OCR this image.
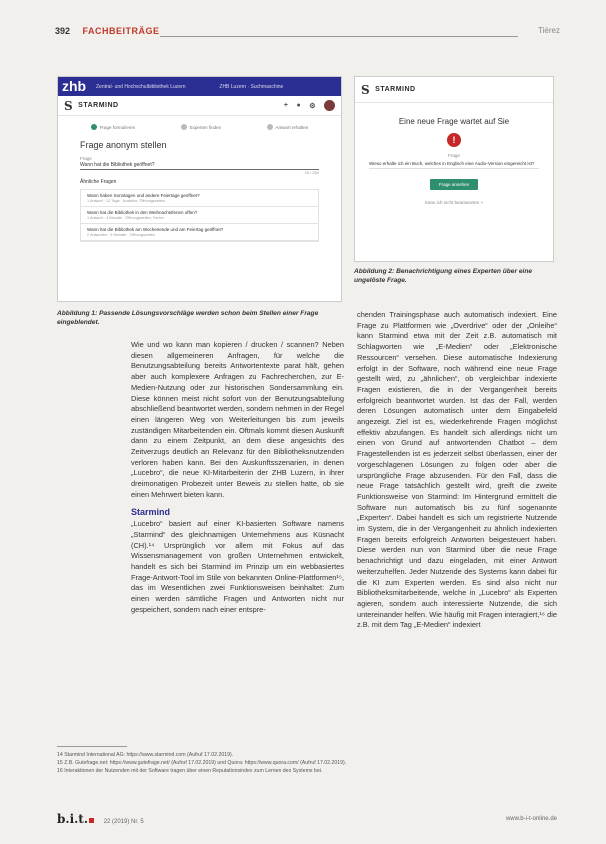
392 FACHBEITRÄGE	Tiérez
zhb Zentral- und Hochschulbibliothek Luzern	ZHB Luzern · Suchmaschine
S STARMIND	+ ● ⚙
Frage formulieren	Experten finden	Antwort erhalten
Frage anonym stellen
Frage
Wann hat die Bibliothek geöffnet?
33 / 280
Ähnliche Fragen
Wann haben Sonntagen und andere Feiertage geöffnet?
1 Antwort · 12 Tage · Ausleihe, Öffnungszeiten
Wann hat die Bibliothek in den Weihnachtsferien offen?
1 Antwort · 4 Monate · Öffnungszeiten, Ferien
Wann hat die Bibliothek am Wochenende und am Feiertag geöffnet?
2 Antworten · 8 Monate · Öffnungszeiten
Abbildung 1: Passende Lösungsvorschläge werden schon beim Stellen einer Frage eingeblendet.
S STARMIND
Eine neue Frage wartet auf Sie
!
Frage
Wieso erhalte ich ein Buch, welches in Englisch eine Audio-Version eingereicht ist?
Frage ansehen
Kann ich nicht beantworten »
Abbildung 2: Benachrichtigung eines Experten über eine ungelöste Frage.

Wie und wo kann man kopieren / drucken / scannen? Neben diesen allgemeineren Anfragen, für welche die Benutzungsabteilung bereits Antwortentexte parat hält, gehen aber auch komplexere Anfragen zu Fachrecherchen, zur E-Medien-Nutzung oder zur historischen Sondersammlung ein. Diese können meist nicht sofort von der Benutzungsabteilung abschließend beantwortet werden, sondern nehmen in der Regel einen längeren Weg von Weiterleitungen bis zum jeweils zuständigen Mitarbeitenden ein. Oftmals kommt diesen Auskunft dann zu einem Zeitpunkt, an dem diese angesichts des Zeitverzugs deutlich an Relevanz für den Bibliotheksnutzenden verloren haben kann. Bei den Auskunftsszenarien, in denen „Lucebro“, die neue KI-Mitarbeiterin der ZHB Luzern, in ihrer dreimonatigen Probezeit unter Beweis zu stellen hatte, ob sie einen Mehrwert bieten kann.

Starmind

„Lucebro“ basiert auf einer KI-basierten Software namens „Starmind“ des gleichnamigen Unternehmens aus Küsnacht (CH).¹⁴ Ursprünglich vor allem mit Fokus auf das Wissensmanagement von großen Unternehmen entwickelt, handelt es sich bei Starmind im Prinzip um ein webbasiertes Frage-Antwort-Tool im Stile von bekannten Online-Plattformen¹⁵, das im Wesentlichen zwei Funktionsweisen beinhaltet: Zum einen werden sämtliche Fragen und Antworten nicht nur gespeichert, sondern nach einer entspre-

chenden Trainingsphase auch automatisch indexiert. Eine Frage zu Plattformen wie „Overdrive“ oder der „Onleihe“ kann Starmind etwa mit der Zeit z.B. automatisch mit Schlagworten wie „E-Medien“ oder „Elektronische Ressourcen“ versehen. Diese automatische Indexierung erfolgt in der Software, noch während eine neue Frage gestellt wird, zu „ähnlichen“, ob vergleichbar indexierte Fragen existieren, die in der Vergangenheit bereits erfolgreich beantwortet wurden. Ist das der Fall, werden deren Lösungen automatisch unter dem Eingabefeld angezeigt. Ziel ist es, wiederkehrende Fragen möglichst effektiv abzufangen. Es handelt sich allerdings nicht um einen von Grund auf antwortenden Chatbot – dem Fragestellenden ist es jederzeit selbst überlassen, einer der vorgeschlagenen Lösungen zu folgen oder aber die ursprüngliche Frage abzusenden. Für den Fall, dass die neue Frage tatsächlich gestellt wird, greift die zweite Funktionsweise von Starmind: Im Hintergrund ermittelt die Software nun automatisch bis zu fünf sogenannte „Experten“. Dabei handelt es sich um registrierte Nutzende im System, die in der Vergangenheit zu ähnlich indexierten Fragen bereits erfolgreich Antworten beigesteuert haben. Diese werden nun von Starmind über die neue Frage benachrichtigt und dazu eingeladen, mit einer Antwort weiterzuhelfen. Jeder Nutzende des Systems kann dabei für die KI zum Experten werden. Es sind also nicht nur Bibliotheksmitarbeitende, welche in „Lucebro“ als Experten agieren, sondern auch interessierte Nutzende, die sich untereinander helfen. Wie häufig mit Fragen interagiert,¹⁶ die z.B. mit dem Tag „E-Medien“ indexiert

14 Starmind International AG: https://www.starmind.com (Aufruf 17.02.2019).
15 Z.B. Gutefrage.net: https://www.gutefrage.net/ (Aufruf 17.02.2019) und Quora: https://www.quora.com/ (Aufruf 17.02.2019).
16 Interaktionen der Nutzenden mit der Software tragen über einen Reputationsindex zum Lernen des Systems bei.
b.i.t.	22 (2019) Nr. 5	www.b-i-t-online.de
